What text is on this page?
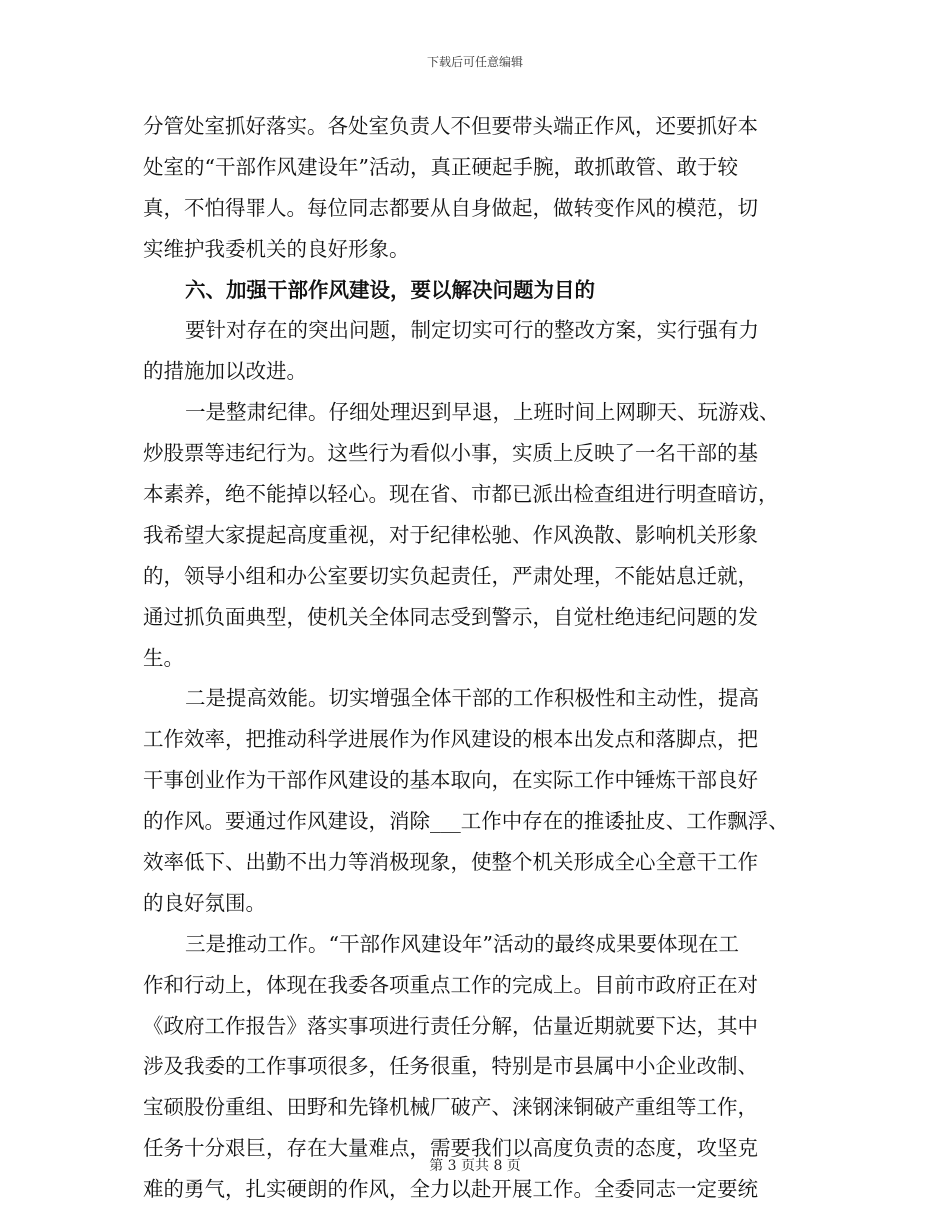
下载后可任意编辑
分管处室抓好落实。各处室负责人不但要带头端正作风，还要抓好本
处室的“干部作风建设年”活动，真正硬起手腕，敢抓敢管、敢于较
真，不怕得罪人。每位同志都要从自身做起，做转变作风的模范，切
实维护我委机关的良好形象。
六、加强干部作风建设，要以解决问题为目的
要针对存在的突出问题，制定切实可行的整改方案，实行强有力
的措施加以改进。
一是整肃纪律。仔细处理迟到早退，上班时间上网聊天、玩游戏、
炒股票等违纪行为。这些行为看似小事，实质上反映了一名干部的基
本素养，绝不能掉以轻心。现在省、市都已派出检查组进行明查暗访，
我希望大家提起高度重视，对于纪律松驰、作风涣散、影响机关形象
的，领导小组和办公室要切实负起责任，严肃处理，不能姑息迁就，
通过抓负面典型，使机关全体同志受到警示，自觉杜绝违纪问题的发
生。
二是提高效能。切实增强全体干部的工作积极性和主动性，提高
工作效率，把推动科学进展作为作风建设的根本出发点和落脚点，把
干事创业作为干部作风建设的基本取向，在实际工作中锤炼干部良好
的作风。要通过作风建设，消除___工作中存在的推诿扯皮、工作飘浮、
效率低下、出勤不出力等消极现象，使整个机关形成全心全意干工作
的良好氛围。
三是推动工作。“干部作风建设年”活动的最终成果要体现在工
作和行动上，体现在我委各项重点工作的完成上。目前市政府正在对
《政府工作报告》落实事项进行责任分解，估量近期就要下达，其中
涉及我委的工作事项很多，任务很重，特别是市县属中小企业改制、
宝硕股份重组、田野和先锋机械厂破产、涞钢涞铜破产重组等工作，
任务十分艰巨，存在大量难点，需要我们以高度负责的态度，攻坚克
难的勇气，扎实硬朗的作风，全力以赴开展工作。全委同志一定要统
第 3 页共 8 页
